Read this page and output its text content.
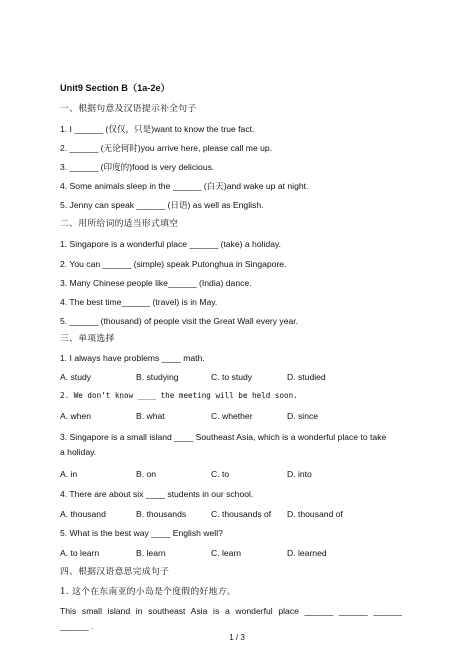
Unit9 Section B（1a-2e）
一、根据句意及汉语提示补全句子
1. I ______ (仅仅，只是)want to know the true fact.
2. ______ (无论何时)you arrive here, please call me up.
3. ______ (印度的)food is very delicious.
4. Some animals sleep in the ______ (白天)and wake up at night.
5. Jenny can speak ______ (日语) as well as English.
二、用所给词的适当形式填空
1. Singapore is a wonderful place ______ (take) a holiday.
2. You can ______ (simple) speak Putonghua in Singapore.
3. Many Chinese people like______ (India) dance.
4. The best time______ (travel) is in May.
5. ______ (thousand) of people visit the Great Wall every year.
三、单项选择
1. I always have problems ____ math.
A. study	B. studying	C. to study	D. studied
2. We don’t know ____ the meeting will be held soon.
A. when	B. what	C. whether	D. since
3. Singapore is a small island ____ Southeast Asia, which is a wonderful place to take
a holiday.
A. in	B. on	C. to	D. into
4. There are about six ____ students in our school.
A. thousand	B. thousands	C. thousands of D. thousand of
5. What is the best way ____ English well?
A. to learn	B. learn	C. learn	D. learned
四、根据汉语意思完成句子
1. 这个在东南亚的小岛是个度假的好地方。
This small island in southeast Asia is a wonderful place ______ ______ ______
______ .
1 / 3
